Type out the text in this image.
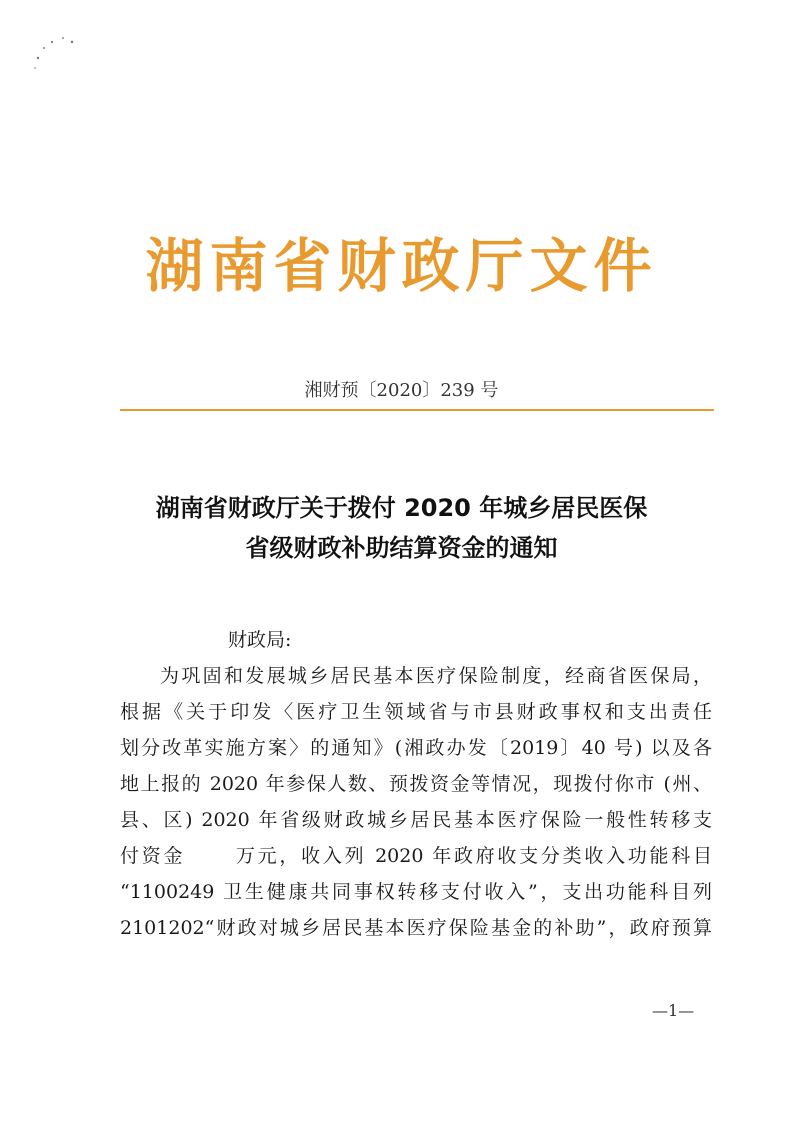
湖南省财政厅文件
湘财预〔2020〕239 号
湖南省财政厅关于拨付 2020 年城乡居民医保
省级财政补助结算资金的通知
财政局:
为巩固和发展城乡居民基本医疗保险制度，经商省医保局，
根据《关于印发〈医疗卫生领域省与市县财政事权和支出责任
划分改革实施方案〉的通知》(湘政办发〔2019〕40 号) 以及各
地上报的 2020 年参保人数、预拨资金等情况，现拨付你市 (州、
县、区) 2020 年省级财政城乡居民基本医疗保险一般性转移支
付资金	万元，收入列 2020 年政府收支分类收入功能科目
“1100249 卫生健康共同事权转移支付收入”，支出功能科目列
2101202“财政对城乡居民基本医疗保险基金的补助”，政府预算
—1—
